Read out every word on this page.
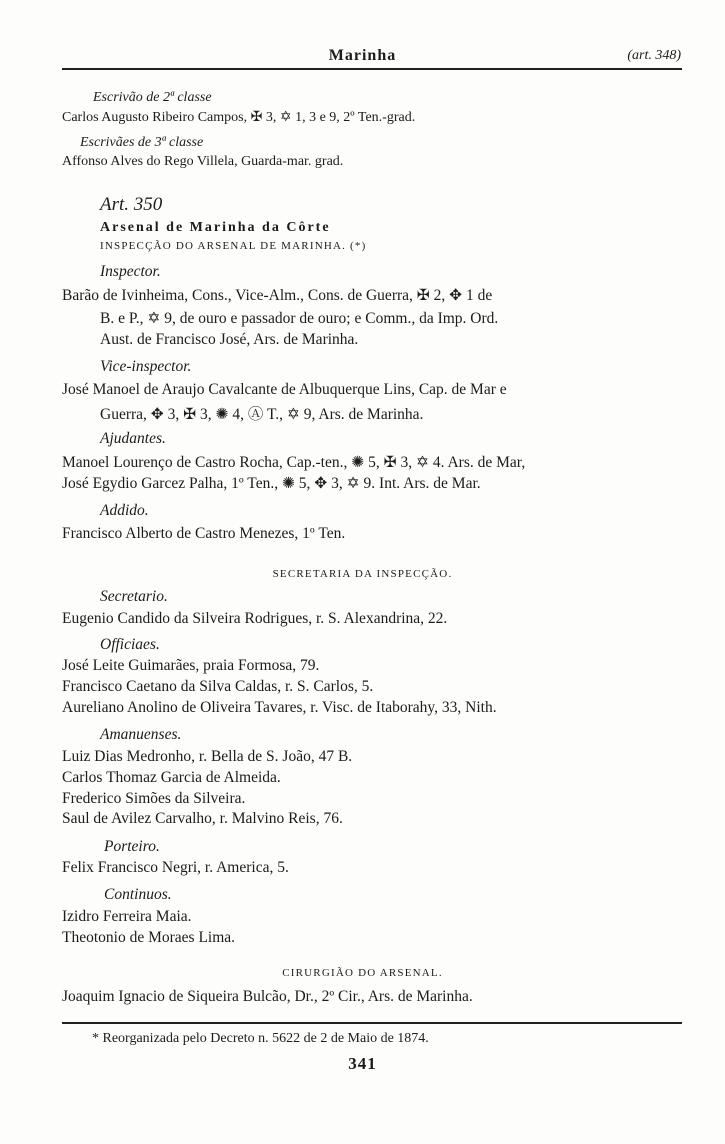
Marinha	(art. 348)
Escrivão de 2ª classe
Carlos Augusto Ribeiro Campos, ✠ 3, ✡ 1, 3 e 9, 2º Ten.-grad.
Escrivães de 3ª classe
Affonso Alves do Rego Villela, Guarda-mar. grad.
Art. 350
Arsenal de Marinha da Côrte
INSPECÇÃO DO ARSENAL DE MARINHA. (*)
Inspector.
Barão de Ivinheima, Cons., Vice-Alm., Cons. de Guerra, ✠ 2, ✥ 1 de
B. e P., ✡ 9, de ouro e passador de ouro; e Comm., da Imp. Ord.
Aust. de Francisco José, Ars. de Marinha.
Vice-inspector.
José Manoel de Araujo Cavalcante de Albuquerque Lins, Cap. de Mar e
Guerra, ✥ 3, ✠ 3, ✺ 4, Ⓐ T., ✡ 9, Ars. de Marinha.
Ajudantes.
Manoel Lourenço de Castro Rocha, Cap.-ten., ✺ 5, ✠ 3, ✡ 4. Ars. de Mar,
José Egydio Garcez Palha, 1º Ten., ✺ 5, ✥ 3, ✡ 9. Int. Ars. de Mar.
Addido.
Francisco Alberto de Castro Menezes, 1º Ten.
SECRETARIA DA INSPECÇÃO.
Secretario.
Eugenio Candido da Silveira Rodrigues, r. S. Alexandrina, 22.
Officiaes.
José Leite Guimarães, praia Formosa, 79.
Francisco Caetano da Silva Caldas, r. S. Carlos, 5.
Aureliano Anolino de Oliveira Tavares, r. Visc. de Itaborahy, 33, Nith.
Amanuenses.
Luiz Dias Medronho, r. Bella de S. João, 47 B.
Carlos Thomaz Garcia de Almeida.
Frederico Simões da Silveira.
Saul de Avilez Carvalho, r. Malvino Reis, 76.
Porteiro.
Felix Francisco Negri, r. America, 5.
Continuos.
Izidro Ferreira Maia.
Theotonio de Moraes Lima.
CIRURGIÃO DO ARSENAL.
Joaquim Ignacio de Siqueira Bulcão, Dr., 2º Cir., Ars. de Marinha.
* Reorganizada pelo Decreto n. 5622 de 2 de Maio de 1874.
341
